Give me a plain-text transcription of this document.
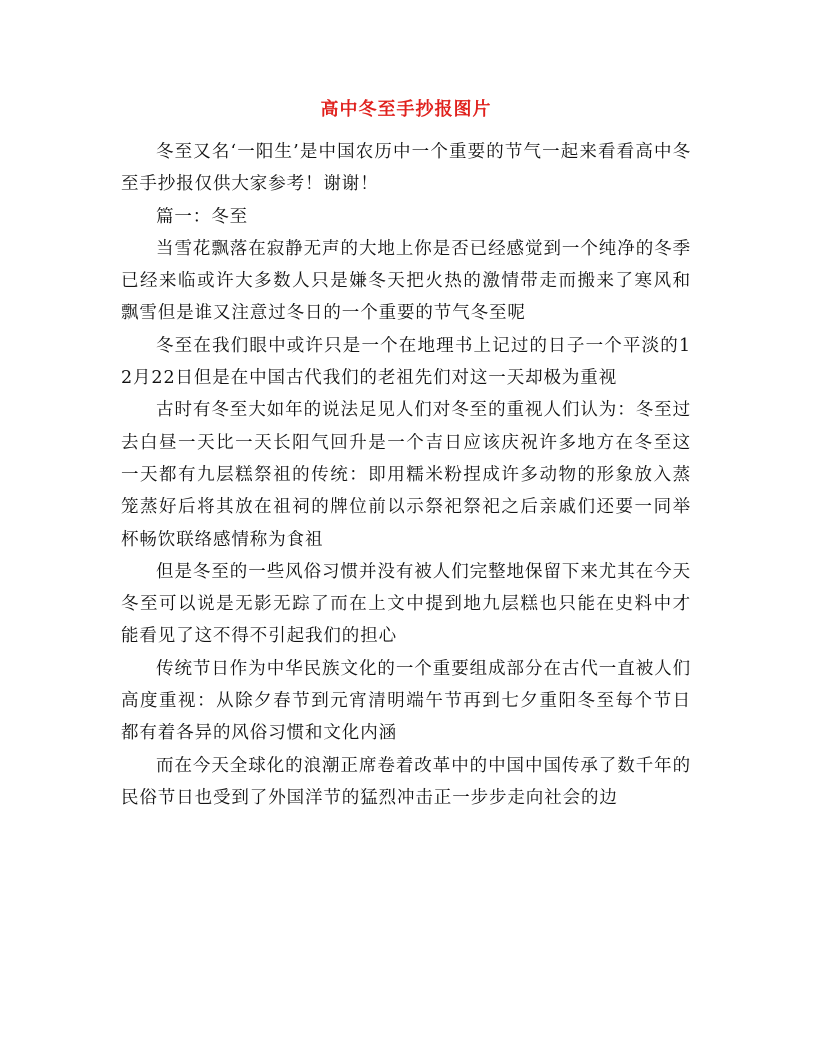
高中冬至手抄报图片

冬至又名‘一阳生’是中国农历中一个重要的节气一起来看看高中冬至手抄报仅供大家参考！谢谢！

篇一：冬至

当雪花飘落在寂静无声的大地上你是否已经感觉到一个纯净的冬季已经来临或许大多数人只是嫌冬天把火热的激情带走而搬来了寒风和飘雪但是谁又注意过冬日的一个重要的节气冬至呢

冬至在我们眼中或许只是一个在地理书上记过的日子一个平淡的12月22日但是在中国古代我们的老祖先们对这一天却极为重视

古时有冬至大如年的说法足见人们对冬至的重视人们认为：冬至过去白昼一天比一天长阳气回升是一个吉日应该庆祝许多地方在冬至这一天都有九层糕祭祖的传统：即用糯米粉捏成许多动物的形象放入蒸笼蒸好后将其放在祖祠的牌位前以示祭祀祭祀之后亲戚们还要一同举杯畅饮联络感情称为食祖

但是冬至的一些风俗习惯并没有被人们完整地保留下来尤其在今天冬至可以说是无影无踪了而在上文中提到地九层糕也只能在史料中才能看见了这不得不引起我们的担心

传统节日作为中华民族文化的一个重要组成部分在古代一直被人们高度重视：从除夕春节到元宵清明端午节再到七夕重阳冬至每个节日都有着各异的风俗习惯和文化内涵

而在今天全球化的浪潮正席卷着改革中的中国中国传承了数千年的民俗节日也受到了外国洋节的猛烈冲击正一步步走向社会的边
